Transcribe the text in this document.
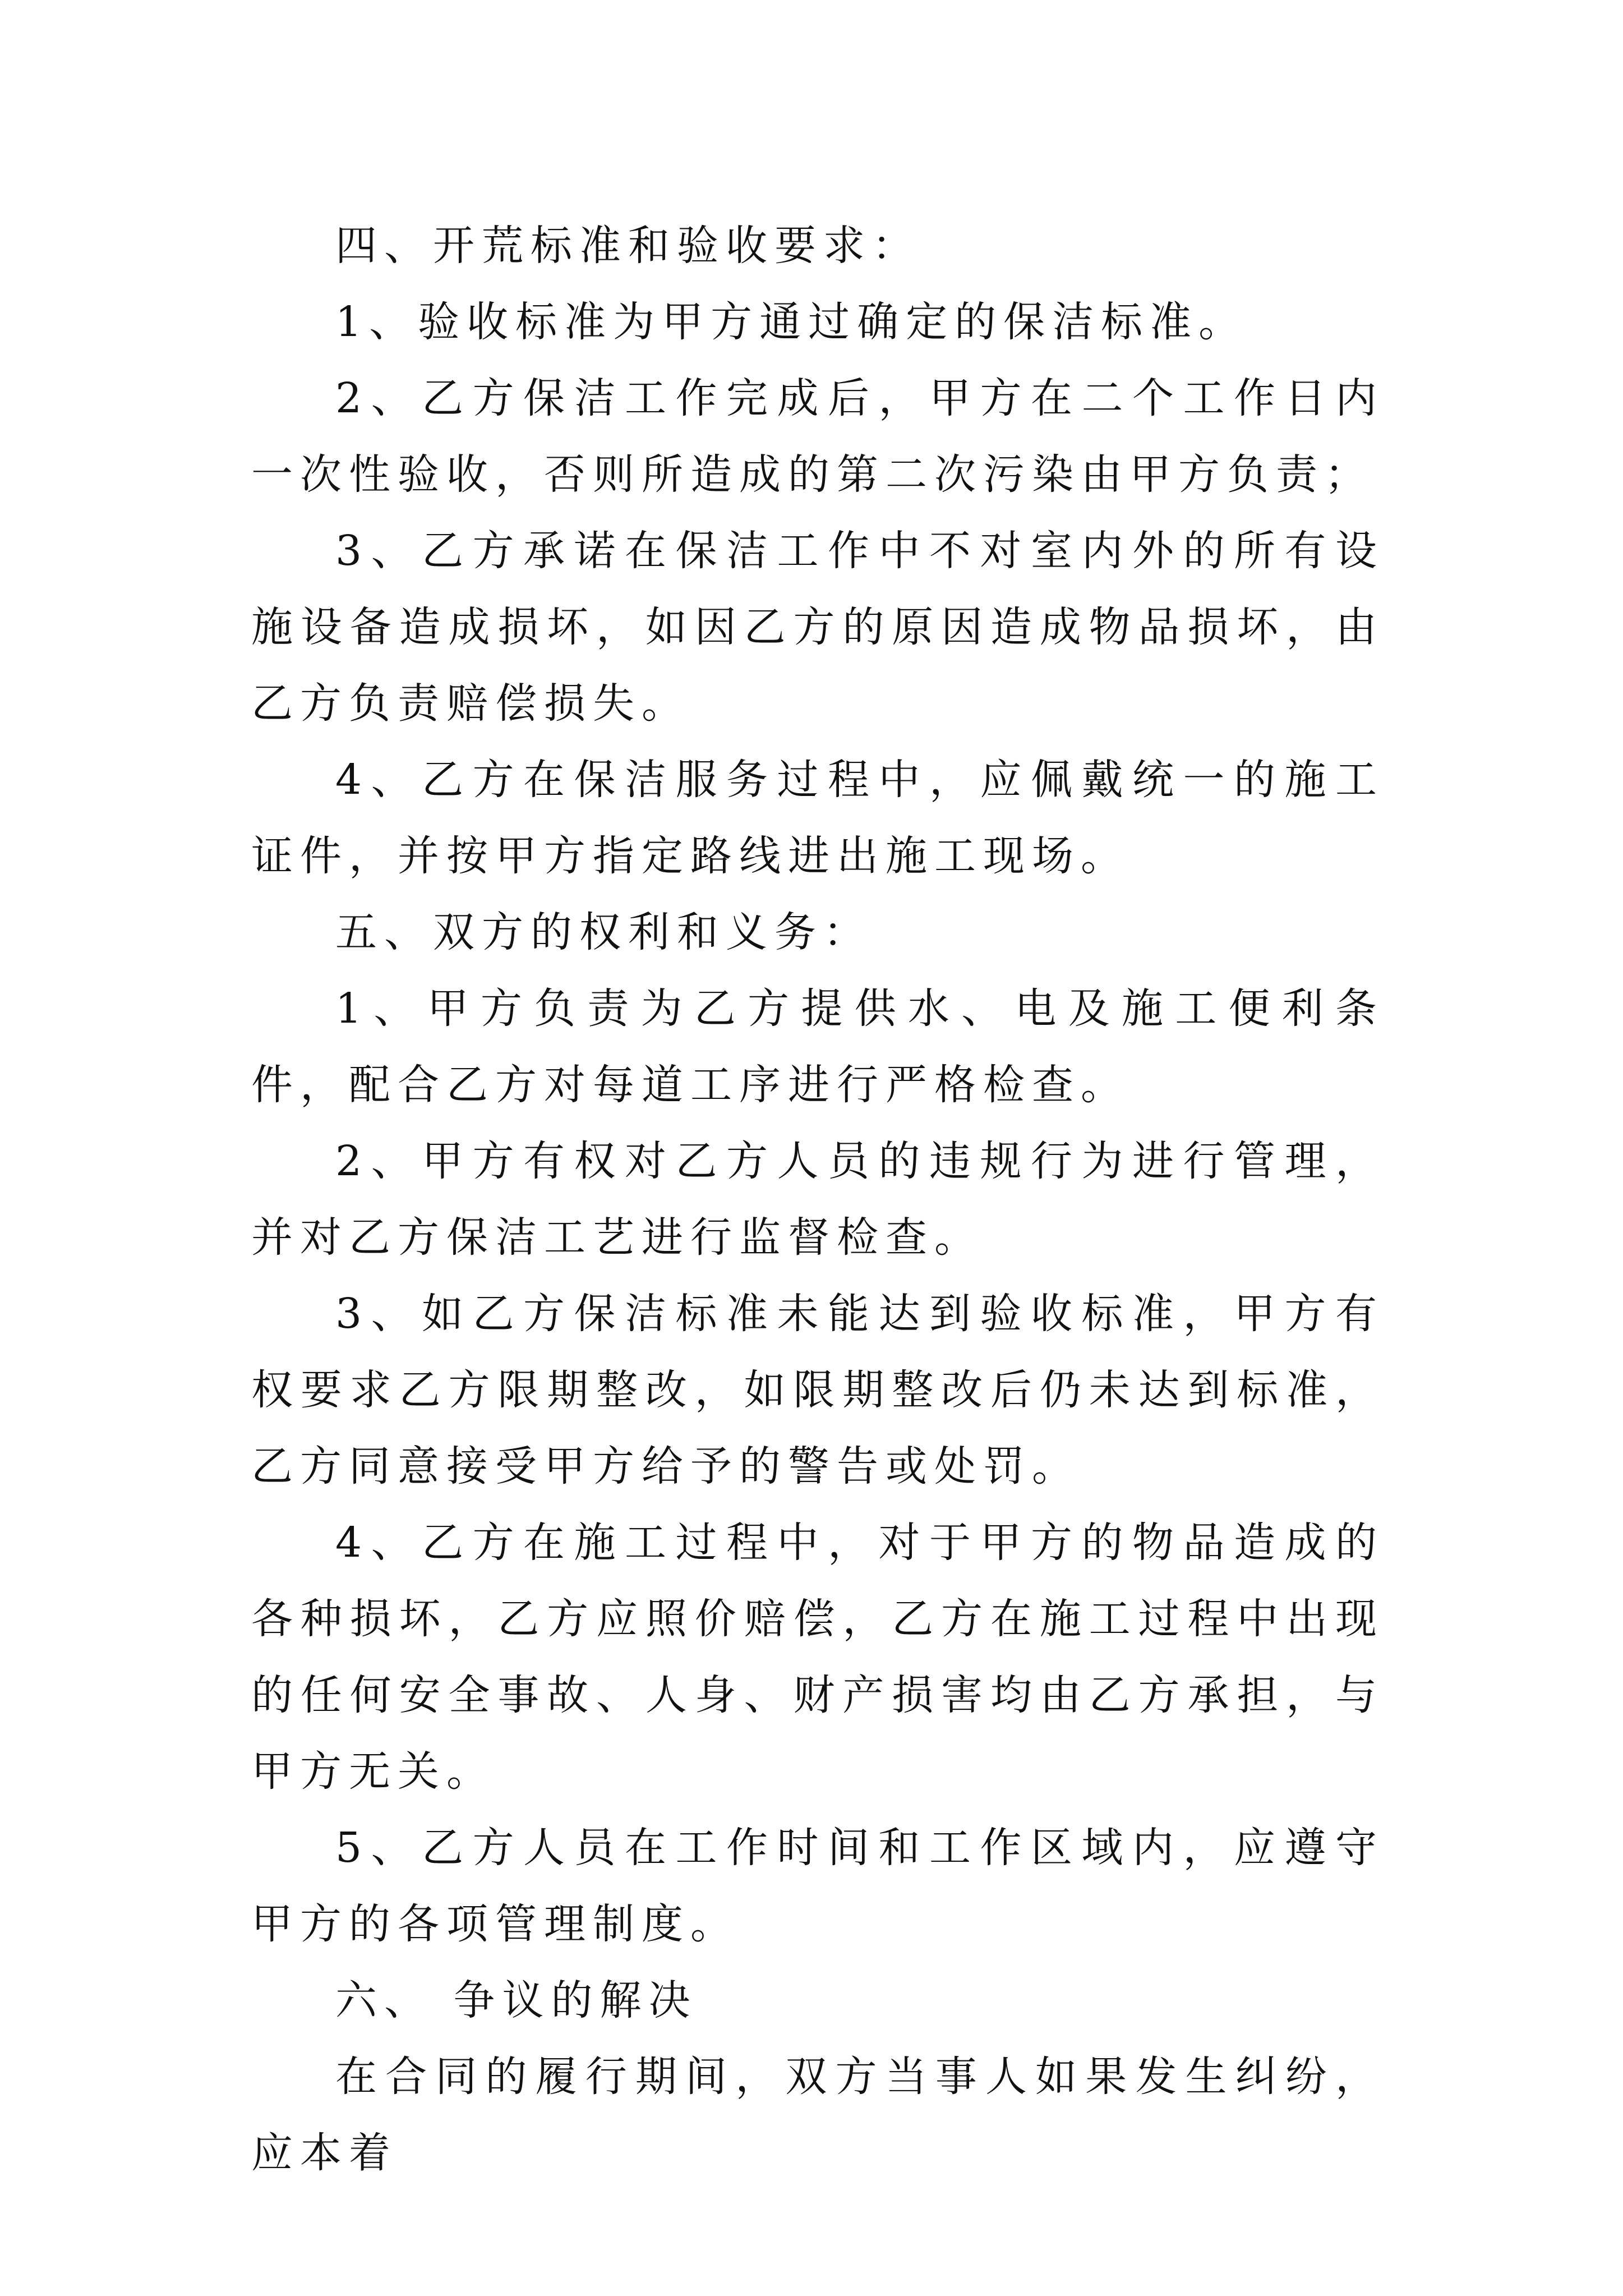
四、开荒标准和验收要求：

1、验收标准为甲方通过确定的保洁标准。

2、乙方保洁工作完成后，甲方在二个工作日内一次性验收，否则所造成的第二次污染由甲方负责；

3、乙方承诺在保洁工作中不对室内外的所有设施设备造成损坏，如因乙方的原因造成物品损坏，由乙方负责赔偿损失。

4、乙方在保洁服务过程中，应佩戴统一的施工证件，并按甲方指定路线进出施工现场。

五、双方的权利和义务：

1、甲方负责为乙方提供水、电及施工便利条件，配合乙方对每道工序进行严格检查。

2、甲方有权对乙方人员的违规行为进行管理，并对乙方保洁工艺进行监督检查。

3、如乙方保洁标准未能达到验收标准，甲方有权要求乙方限期整改，如限期整改后仍未达到标准，乙方同意接受甲方给予的警告或处罚。

4、乙方在施工过程中，对于甲方的物品造成的各种损坏，乙方应照价赔偿，乙方在施工过程中出现的任何安全事故、人身、财产损害均由乙方承担，与甲方无关。

5、乙方人员在工作时间和工作区域内，应遵守甲方的各项管理制度。

六、 争议的解决

在合同的履行期间，双方当事人如果发生纠纷，应本着
